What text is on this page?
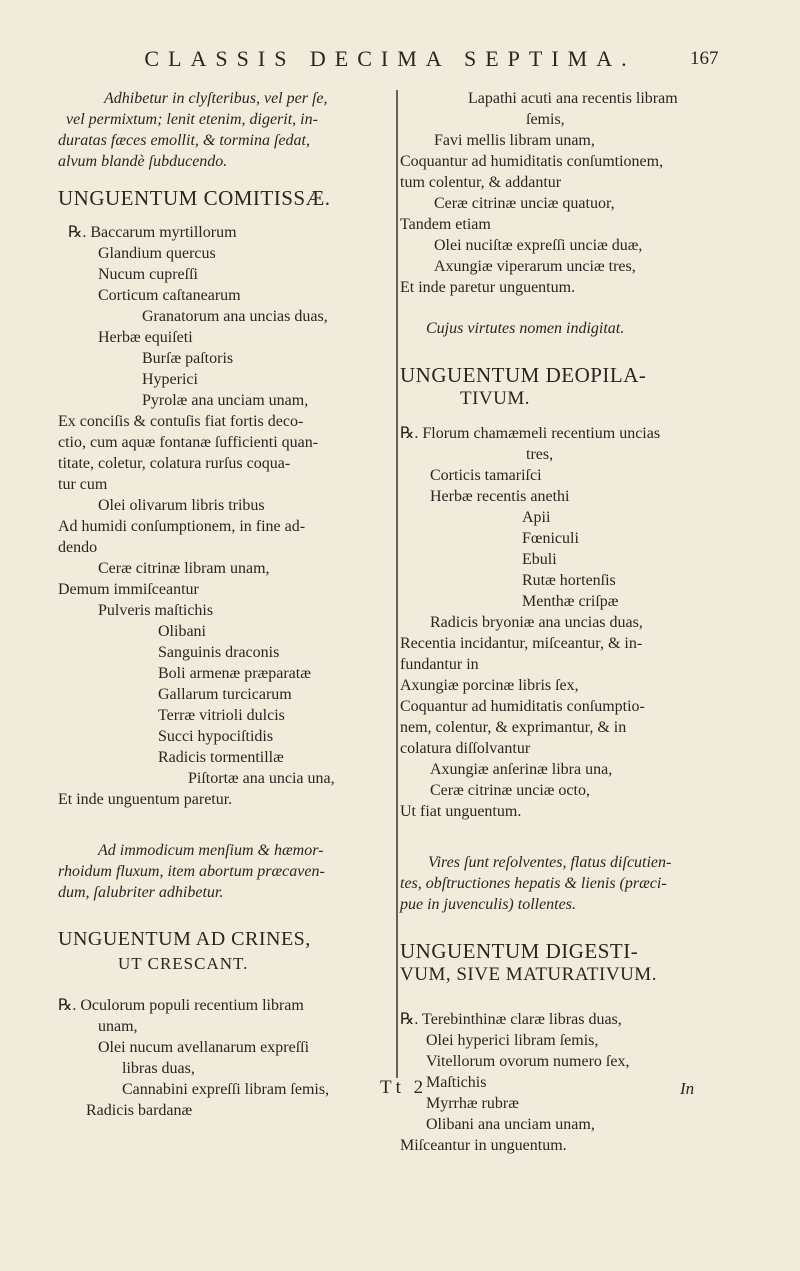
CLASSIS DECIMA SEPTIMA.	167
Adhibetur in clyſteribus, vel per ſe,
vel permixtum; lenit etenim, digerit, in-
duratas fæces emollit, & tormina ſedat,
alvum blandè ſubducendo.
UNGUENTUM COMITISSÆ.
℞. Baccarum myrtillorum
Glandium quercus
Nucum cupreſſi
Corticum caſtanearum
Granatorum ana uncias duas,
Herbæ equiſeti
Burſæ paſtoris
Hyperici
Pyrolæ ana unciam unam,
Ex conciſis & contuſis fiat fortis deco-
ctio, cum aquæ fontanæ ſufficienti quan-
titate, coletur, colatura rurſus coqua-
tur cum
Olei olivarum libris tribus
Ad humidi conſumptionem, in fine ad-
dendo
Ceræ citrinæ libram unam,
Demum immiſceantur
Pulveris maſtichis
Olibani
Sanguinis draconis
Boli armenæ præparatæ
Gallarum turcicarum
Terræ vitrioli dulcis
Succi hypociſtidis
Radicis tormentillæ
Piſtortæ ana uncia una,
Et inde unguentum paretur.
Ad immodicum menſium & hæmor-
rhoidum fluxum, item abortum præcaven-
dum, ſalubriter adhibetur.
UNGUENTUM AD CRINES,
UT CRESCANT.
℞. Oculorum populi recentium libram
unam,
Olei nucum avellanarum expreſſi
libras duas,
Cannabini expreſſi libram ſemis,
Radicis bardanæ
Lapathi acuti ana recentis libram
ſemis,
Favi mellis libram unam,
Coquantur ad humiditatis conſumtionem,
tum colentur, & addantur
Ceræ citrinæ unciæ quatuor,
Tandem etiam
Olei nuciſtæ expreſſi unciæ duæ,
Axungiæ viperarum unciæ tres,
Et inde paretur unguentum.
Cujus virtutes nomen indigitat.
UNGUENTUM DEOPILA-
TIVUM.
℞. Florum chamæmeli recentium uncias
tres,
Corticis tamariſci
Herbæ recentis anethi
Apii
Fœniculi
Ebuli
Rutæ hortenſis
Menthæ criſpæ
Radicis bryoniæ ana uncias duas,
Recentia incidantur, miſceantur, & in-
fundantur in
Axungiæ porcinæ libris ſex,
Coquantur ad humiditatis conſumptio-
nem, colentur, & exprimantur, & in
colatura diſſolvantur
Axungiæ anſerinæ libra una,
Ceræ citrinæ unciæ octo,
Ut fiat unguentum.
Vires ſunt reſolventes, flatus diſcutien-
tes, obſtructiones hepatis & lienis (præci-
pue in juvenculis) tollentes.
UNGUENTUM DIGESTI-
VUM, SIVE MATURATIVUM.
℞. Terebinthinæ claræ libras duas,
Olei hyperici libram ſemis,
Vitellorum ovorum numero ſex,
Maſtichis
Myrrhæ rubræ
Olibani ana unciam unam,
Miſceantur in unguentum.
Tt 2	In
